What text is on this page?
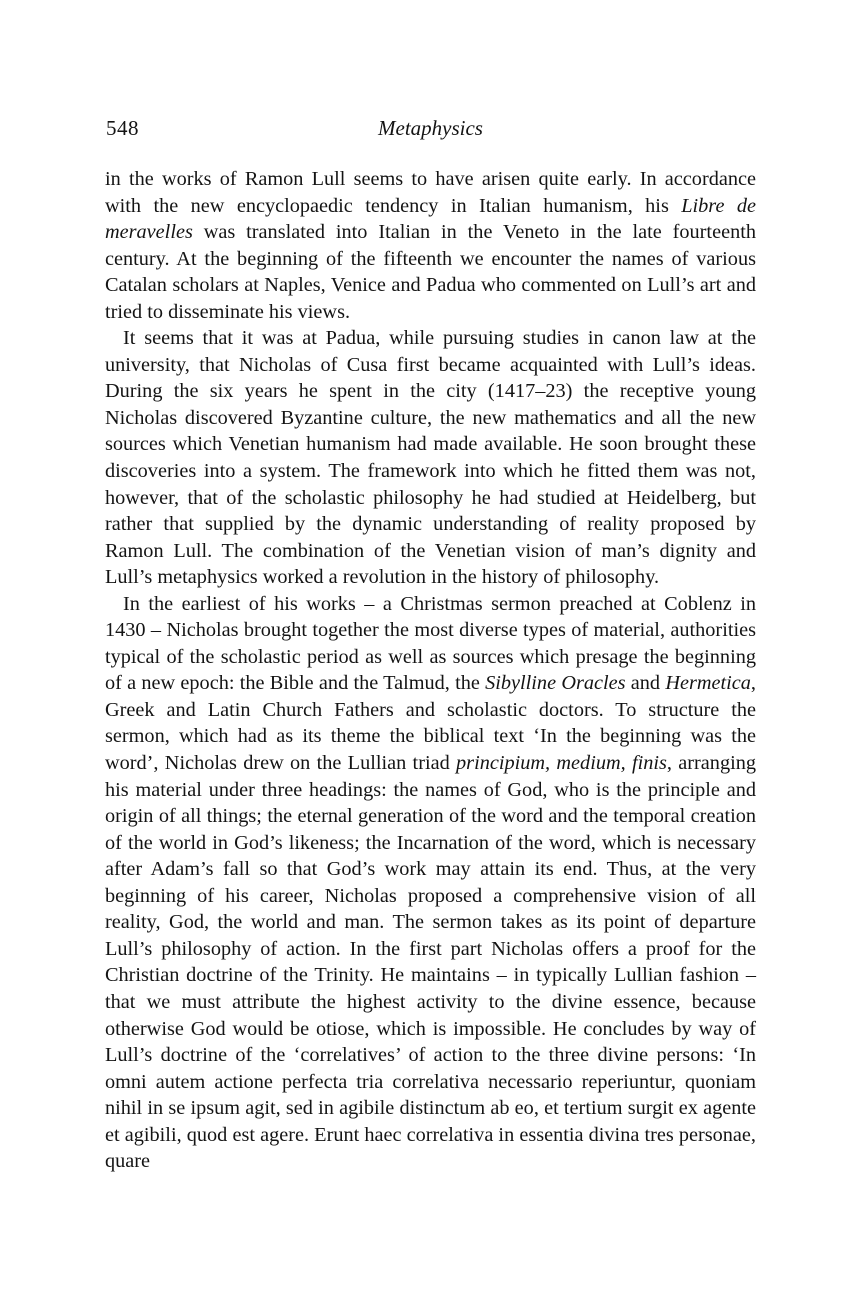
548	Metaphysics

in the works of Ramon Lull seems to have arisen quite early. In accordance with the new encyclopaedic tendency in Italian humanism, his Libre de meravelles was translated into Italian in the Veneto in the late fourteenth century. At the beginning of the fifteenth we encounter the names of various Catalan scholars at Naples, Venice and Padua who commented on Lull’s art and tried to disseminate his views.

It seems that it was at Padua, while pursuing studies in canon law at the university, that Nicholas of Cusa first became acquainted with Lull’s ideas. During the six years he spent in the city (1417–23) the receptive young Nicholas discovered Byzantine culture, the new mathematics and all the new sources which Venetian humanism had made available. He soon brought these discoveries into a system. The framework into which he fitted them was not, however, that of the scholastic philosophy he had studied at Heidelberg, but rather that supplied by the dynamic understanding of reality proposed by Ramon Lull. The combination of the Venetian vision of man’s dignity and Lull’s metaphysics worked a revolution in the history of philosophy.

In the earliest of his works – a Christmas sermon preached at Coblenz in 1430 – Nicholas brought together the most diverse types of material, authorities typical of the scholastic period as well as sources which presage the beginning of a new epoch: the Bible and the Talmud, the Sibylline Oracles and Hermetica, Greek and Latin Church Fathers and scholastic doctors. To structure the sermon, which had as its theme the biblical text ‘In the beginning was the word’, Nicholas drew on the Lullian triad principium, medium, finis, arranging his material under three headings: the names of God, who is the principle and origin of all things; the eternal generation of the word and the temporal creation of the world in God’s likeness; the Incarnation of the word, which is necessary after Adam’s fall so that God’s work may attain its end. Thus, at the very beginning of his career, Nicholas proposed a comprehensive vision of all reality, God, the world and man. The sermon takes as its point of departure Lull’s philosophy of action. In the first part Nicholas offers a proof for the Christian doctrine of the Trinity. He maintains – in typically Lullian fashion – that we must attribute the highest activity to the divine essence, because otherwise God would be otiose, which is impossible. He concludes by way of Lull’s doctrine of the ‘correlatives’ of action to the three divine persons: ‘In omni autem actione perfecta tria correlativa necessario reperiuntur, quoniam nihil in se ipsum agit, sed in agibile distinctum ab eo, et tertium surgit ex agente et agibili, quod est agere. Erunt haec correlativa in essentia divina tres personae, quare
